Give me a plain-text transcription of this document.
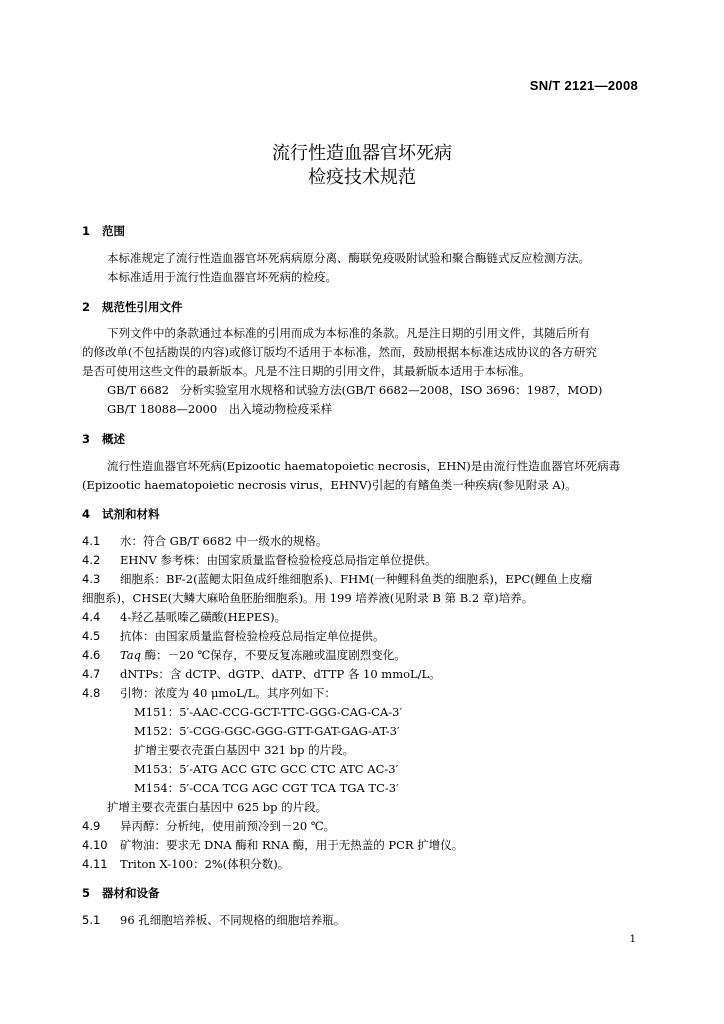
SN/T 2121—2008
流行性造血器官坏死病
检疫技术规范
1 范围
本标准规定了流行性造血器官坏死病病原分离、酶联免疫吸附试验和聚合酶链式反应检测方法。
本标准适用于流行性造血器官坏死病的检疫。
2 规范性引用文件
下列文件中的条款通过本标准的引用而成为本标准的条款。凡是注日期的引用文件，其随后所有
的修改单(不包括勘误的内容)或修订版均不适用于本标准，然而，鼓励根据本标准达成协议的各方研究
是否可使用这些文件的最新版本。凡是不注日期的引用文件，其最新版本适用于本标准。
GB/T 6682　分析实验室用水规格和试验方法(GB/T 6682—2008，ISO 3696：1987，MOD)
GB/T 18088—2000　出入境动物检疫采样
3 概述
流行性造血器官坏死病(Epizootic haematopoietic necrosis，EHN)是由流行性造血器官坏死病毒
(Epizootic haematopoietic necrosis virus，EHNV)引起的有鳍鱼类一种疾病(参见附录 A)。
4 试剂和材料
4.1 水：符合 GB/T 6682 中一级水的规格。
4.2 EHNV 参考株：由国家质量监督检验检疫总局指定单位提供。
4.3 细胞系：BF-2(蓝鳃太阳鱼成纤维细胞系)、FHM(一种鲤科鱼类的细胞系)，EPC(鲤鱼上皮瘤
细胞系)，CHSE(大鳞大麻哈鱼胚胎细胞系)。用 199 培养液(见附录 B 第 B.2 章)培养。
4.4 4-羟乙基哌嗪乙磺酸(HEPES)。
4.5 抗体：由国家质量监督检验检疫总局指定单位提供。
4.6 Taq 酶：－20 ℃保存，不要反复冻融或温度剧烈变化。
4.7 dNTPs：含 dCTP、dGTP、dATP、dTTP 各 10 mmoL/L。
4.8 引物：浓度为 40 μmoL/L。其序列如下：
M151：5′-AAC-CCG-GCT-TTC-GGG-CAG-CA-3′
M152：5′-CGG-GGC-GGG-GTT-GAT-GAG-AT-3′
扩增主要衣壳蛋白基因中 321 bp 的片段。
M153：5′-ATG ACC GTC GCC CTC ATC AC-3′
M154：5′-CCA TCG AGC CGT TCA TGA TC-3′
扩增主要衣壳蛋白基因中 625 bp 的片段。
4.9 异丙醇：分析纯，使用前预冷到－20 ℃。
4.10 矿物油：要求无 DNA 酶和 RNA 酶，用于无热盖的 PCR 扩增仪。
4.11 Triton X-100：2%(体积分数)。
5 器材和设备
5.1 96 孔细胞培养板、不同规格的细胞培养瓶。
1
